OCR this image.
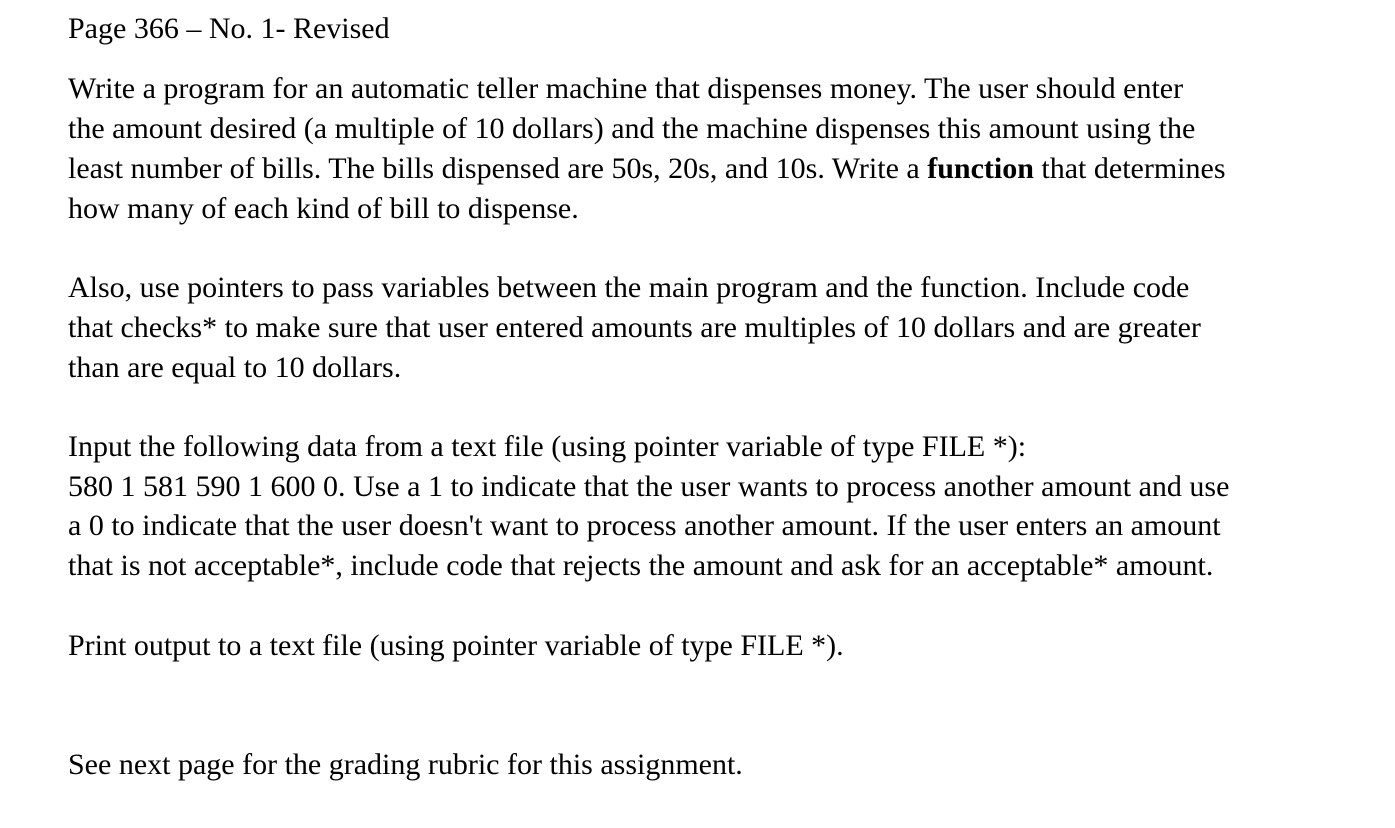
Page 366 – No. 1- Revised
Write a program for an automatic teller machine that dispenses money. The user should enter
the amount desired (a multiple of 10 dollars) and the machine dispenses this amount using the
least number of bills. The bills dispensed are 50s, 20s, and 10s. Write a function that determines
how many of each kind of bill to dispense.
Also, use pointers to pass variables between the main program and the function. Include code
that checks* to make sure that user entered amounts are multiples of 10 dollars and are greater
than are equal to 10 dollars.
Input the following data from a text file (using pointer variable of type FILE *):
580 1 581 590 1 600 0. Use a 1 to indicate that the user wants to process another amount and use
a 0 to indicate that the user doesn't want to process another amount. If the user enters an amount
that is not acceptable*, include code that rejects the amount and ask for an acceptable* amount.
Print output to a text file (using pointer variable of type FILE *).
See next page for the grading rubric for this assignment.
